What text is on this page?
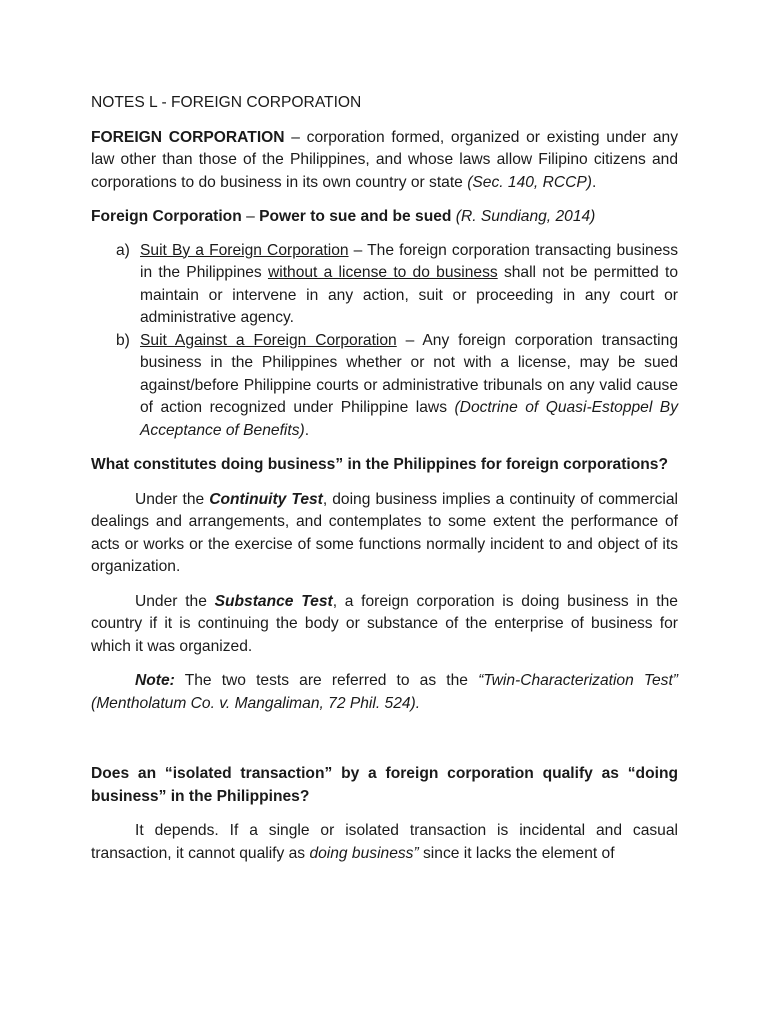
NOTES L - FOREIGN CORPORATION

FOREIGN CORPORATION – corporation formed, organized or existing under any law other than those of the Philippines, and whose laws allow Filipino citizens and corporations to do business in its own country or state (Sec. 140, RCCP).

Foreign Corporation – Power to sue and be sued (R. Sundiang, 2014)

a) Suit By a Foreign Corporation – The foreign corporation transacting business in the Philippines without a license to do business shall not be permitted to maintain or intervene in any action, suit or proceeding in any court or administrative agency.
b) Suit Against a Foreign Corporation – Any foreign corporation transacting business in the Philippines whether or not with a license, may be sued against/before Philippine courts or administrative tribunals on any valid cause of action recognized under Philippine laws (Doctrine of Quasi-Estoppel By Acceptance of Benefits).

What constitutes doing business” in the Philippines for foreign corporations?

Under the Continuity Test, doing business implies a continuity of commercial dealings and arrangements, and contemplates to some extent the performance of acts or works or the exercise of some functions normally incident to and object of its organization.

Under the Substance Test, a foreign corporation is doing business in the country if it is continuing the body or substance of the enterprise of business for which it was organized.

Note: The two tests are referred to as the “Twin-Characterization Test” (Mentholatum Co. v. Mangaliman, 72 Phil. 524).

Does an “isolated transaction” by a foreign corporation qualify as “doing business” in the Philippines?

It depends. If a single or isolated transaction is incidental and casual transaction, it cannot qualify as doing business” since it lacks the element of
